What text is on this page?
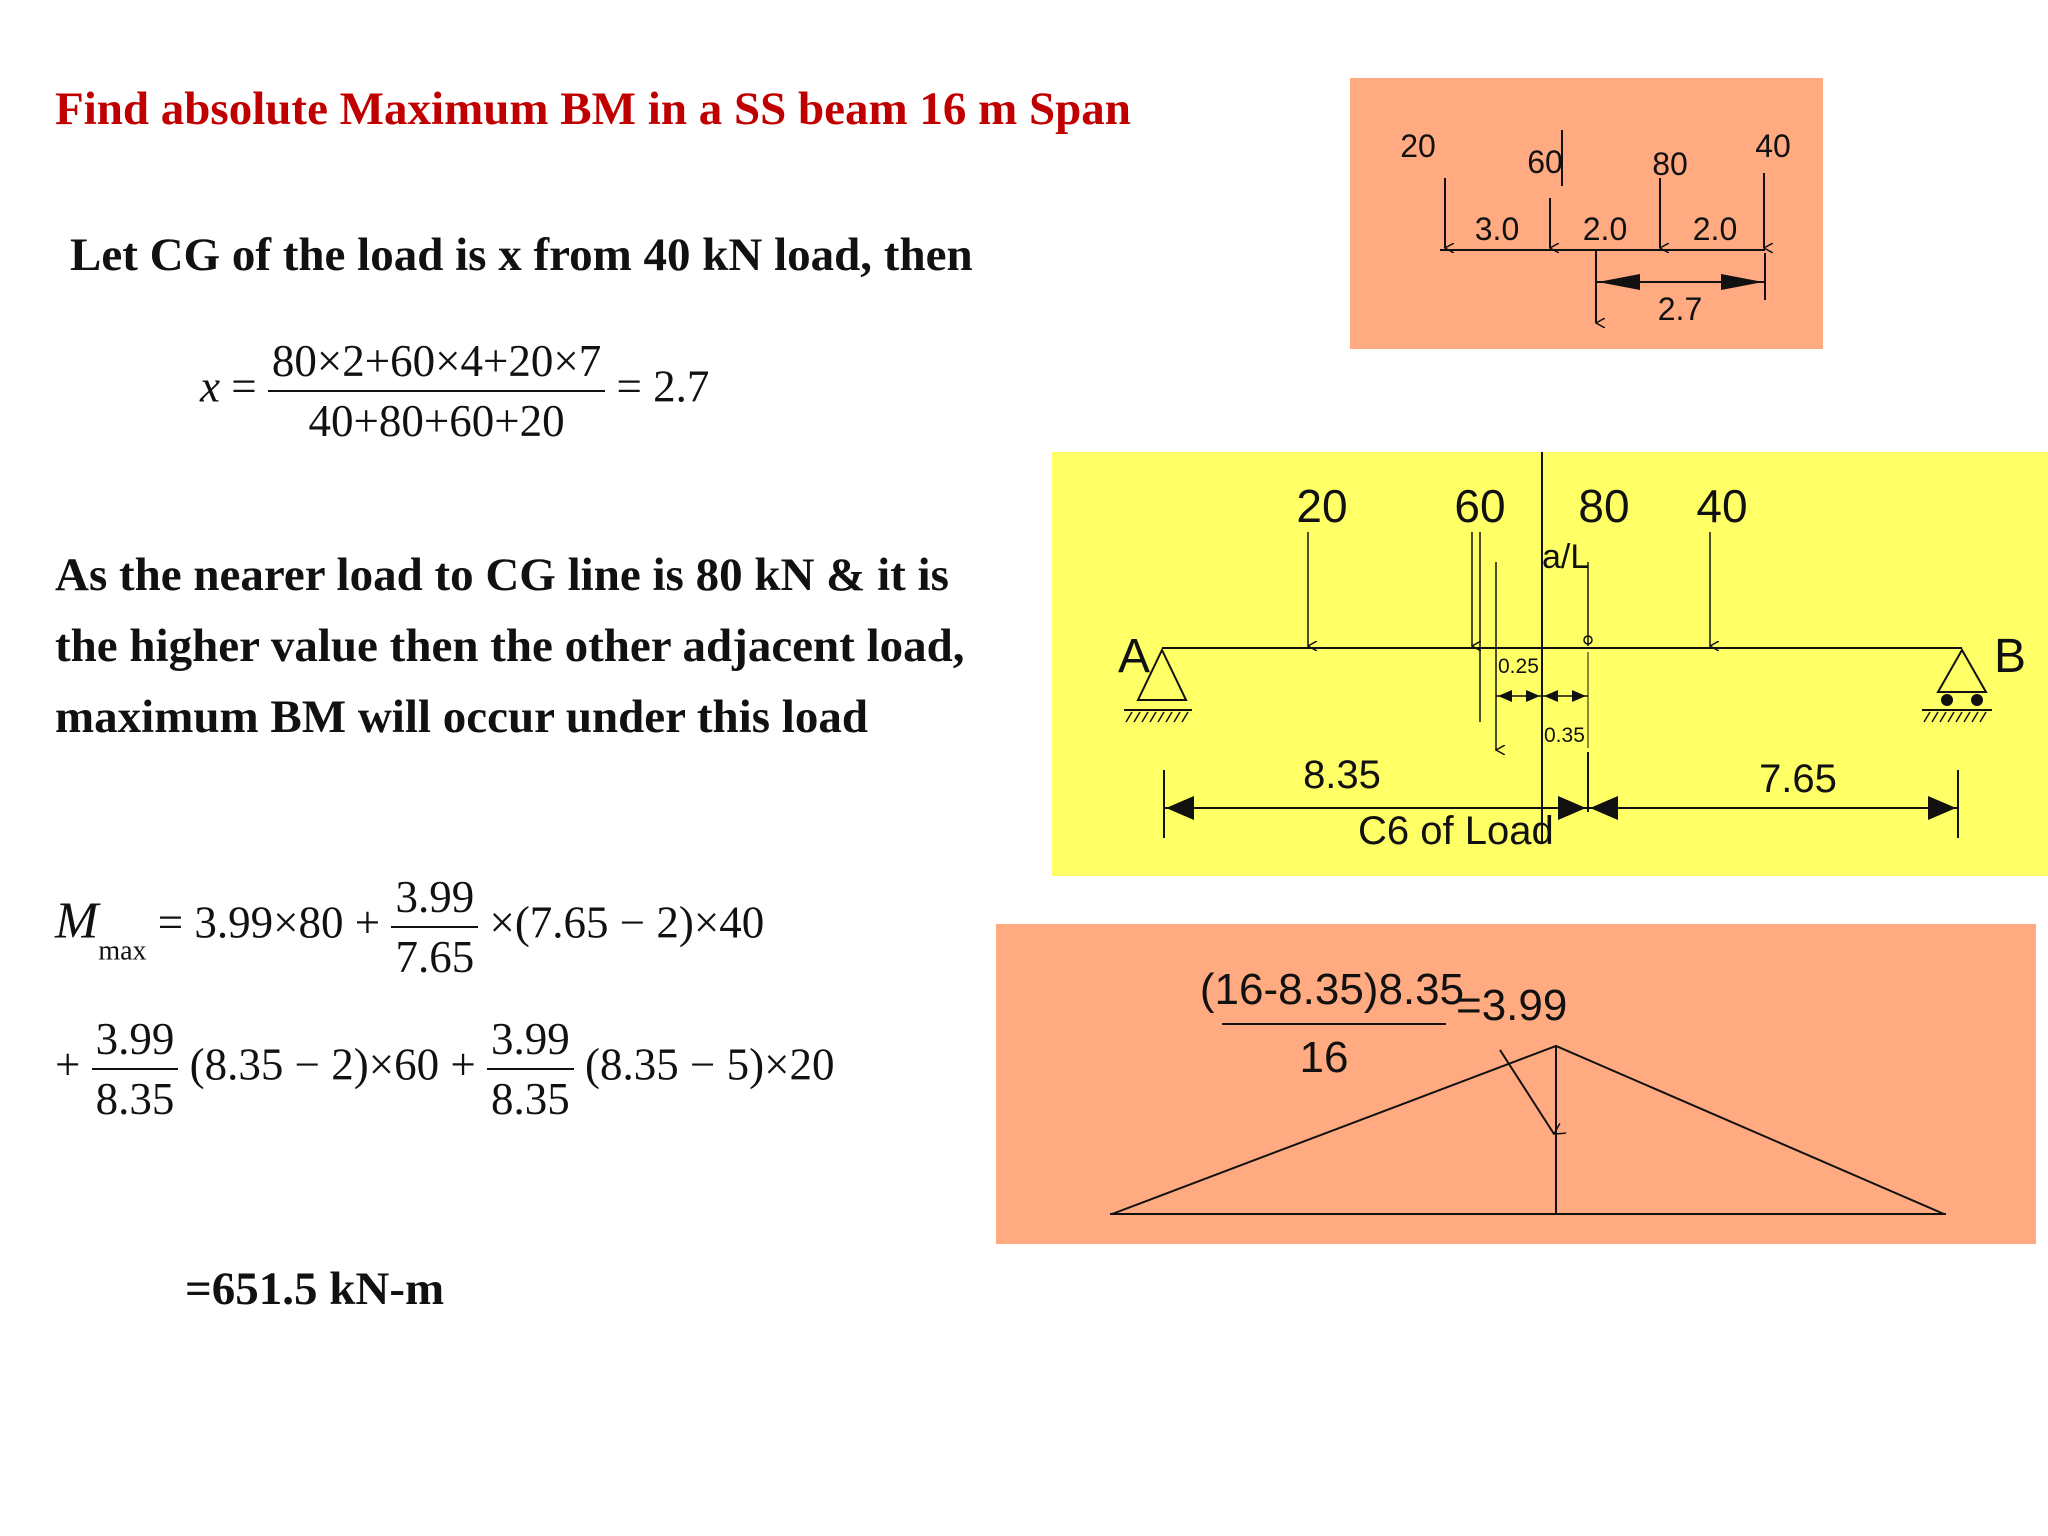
Find absolute Maximum BM in a SS beam 16 m Span
Let CG of the load is x from 40 kN load, then
$x = \frac{80\times 2+60\times 4+20\times 7}{40+80+60+20} = 2.7$
As the nearer load to CG line is 80 kN & it is
the higher value then the other adjacent load,
maximum BM will occur under this load
$M_{max} = 3.99\times 80 + \frac{3.99}{7.65} \times(7.65 - 2)\times 40$
+ $\frac{3.99}{8.35} (8.35 - 2)\times 60 + \frac{3.99}{8.35} (8.35 - 5)\times 20$
=651.5 kN-m
20	60	80 40
3.0 2.0 2.0
2.7
20 60 80 40
a/L
0.25
0.35
A	B
8.35	7.65
C6 of Load
(16-8.35)8.35
16
=3.99
